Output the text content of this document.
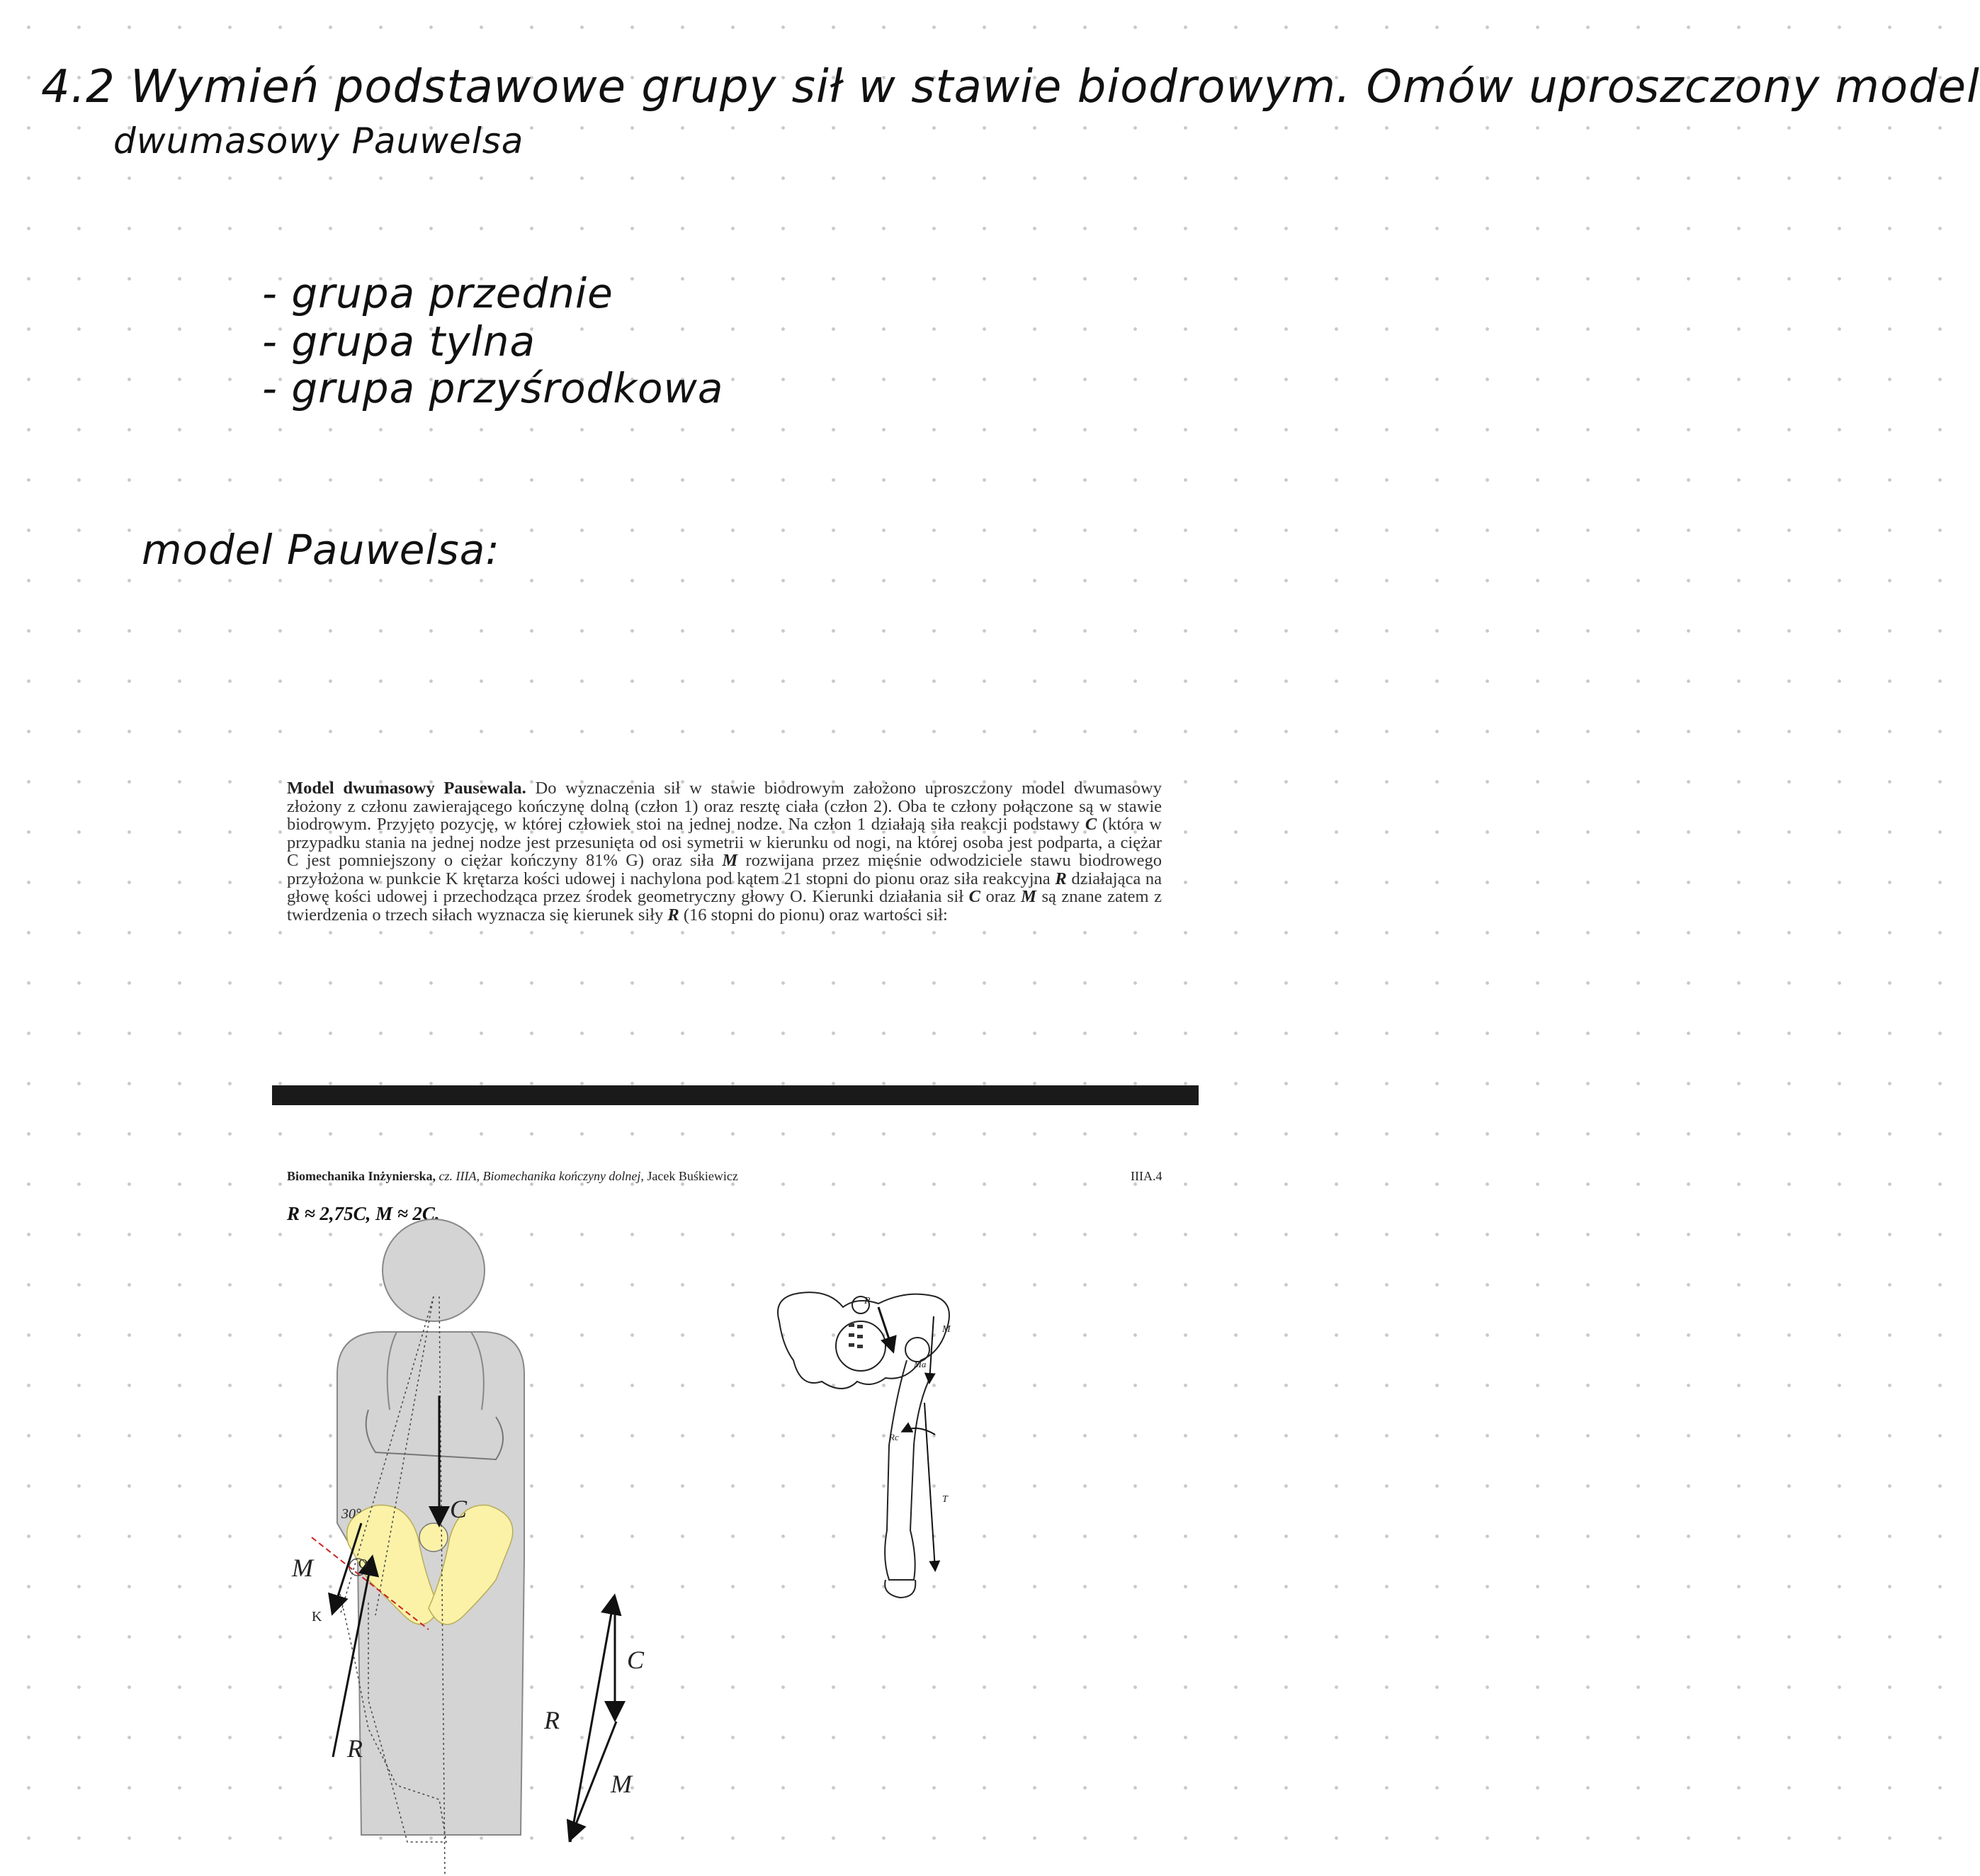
4.2 Wymień podstawowe grupy sił w stawie biodrowym. Omów uproszczony model
dwumasowy Pauwelsa
- grupa przednie
- grupa tylna
- grupa przyśrodkowa
model Pauwelsa:

Model dwumasowy Pausewala. Do wyznaczenia sił w stawie biodrowym założono uproszczony model dwumasowy złożony z członu zawierającego kończynę dolną (człon 1) oraz resztę ciała (człon 2). Oba te człony połączone są w stawie biodrowym. Przyjęto pozycję, w której człowiek stoi na jednej nodze. Na człon 1 działają siła reakcji podstawy C (która w przypadku stania na jednej nodze jest przesunięta od osi symetrii w kierunku od nogi, na której osoba jest podparta, a ciężar C jest pomniejszony o ciężar kończyny 81% G) oraz siła M rozwijana przez mięśnie odwodziciele stawu biodrowego przyłożona w punkcie K krętarza kości udowej i nachylona pod kątem 21 stopni do pionu oraz siła reakcyjna R działająca na głowę kości udowej i przechodząca przez środek geometryczny głowy O. Kierunki działania sił C oraz M są znane zatem z twierdzenia o trzech siłach wyznacza się kierunek siły R (16 stopni do pionu) oraz wartości sił:

Biomechanika Inżynierska, cz. IIIA, Biomechanika kończyny dolnej, Jacek Buśkiewicz	IIIA.4
R ≈ 2,75C, M ≈ 2C.
30°	C
M	O
K
R
C
R
M
R
M
Ma
Rc
T
